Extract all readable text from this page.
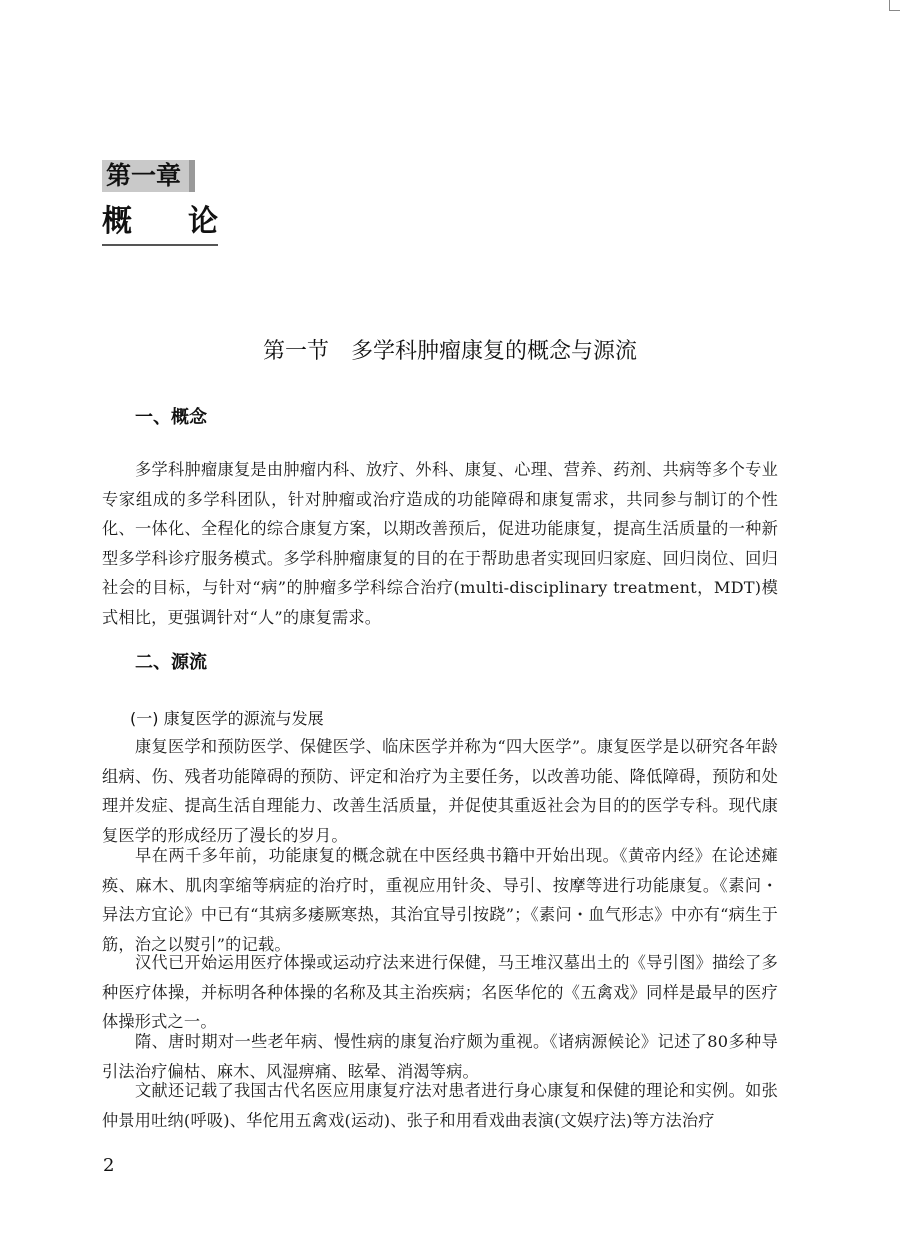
第一章
概 论
第一节 多学科肿瘤康复的概念与源流
一、概念

多学科肿瘤康复是由肿瘤内科、放疗、外科、康复、心理、营养、药剂、共病等多个专业专家组成的多学科团队，针对肿瘤或治疗造成的功能障碍和康复需求，共同参与制订的个性化、一体化、全程化的综合康复方案，以期改善预后，促进功能康复，提高生活质量的一种新型多学科诊疗服务模式。多学科肿瘤康复的目的在于帮助患者实现回归家庭、回归岗位、回归社会的目标，与针对“病”的肿瘤多学科综合治疗(multi-disciplinary treatment，MDT)模式相比，更强调针对“人”的康复需求。

二、源流
(一) 康复医学的源流与发展

康复医学和预防医学、保健医学、临床医学并称为“四大医学”。康复医学是以研究各年龄组病、伤、残者功能障碍的预防、评定和治疗为主要任务，以改善功能、降低障碍，预防和处理并发症、提高生活自理能力、改善生活质量，并促使其重返社会为目的的医学专科。现代康复医学的形成经历了漫长的岁月。

早在两千多年前，功能康复的概念就在中医经典书籍中开始出现。《黄帝内经》在论述瘫痪、麻木、肌肉挛缩等病症的治疗时，重视应用针灸、导引、按摩等进行功能康复。《素问・异法方宜论》中已有“其病多痿厥寒热，其治宜导引按跷”；《素问・血气形志》中亦有“病生于筋，治之以熨引”的记载。

汉代已开始运用医疗体操或运动疗法来进行保健，马王堆汉墓出土的《导引图》描绘了多种医疗体操，并标明各种体操的名称及其主治疾病；名医华佗的《五禽戏》同样是最早的医疗体操形式之一。

隋、唐时期对一些老年病、慢性病的康复治疗颇为重视。《诸病源候论》记述了80多种导引法治疗偏枯、麻木、风湿痹痛、眩晕、消渴等病。

文献还记载了我国古代名医应用康复疗法对患者进行身心康复和保健的理论和实例。如张仲景用吐纳(呼吸)、华佗用五禽戏(运动)、张子和用看戏曲表演(文娱疗法)等方法治疗

2
